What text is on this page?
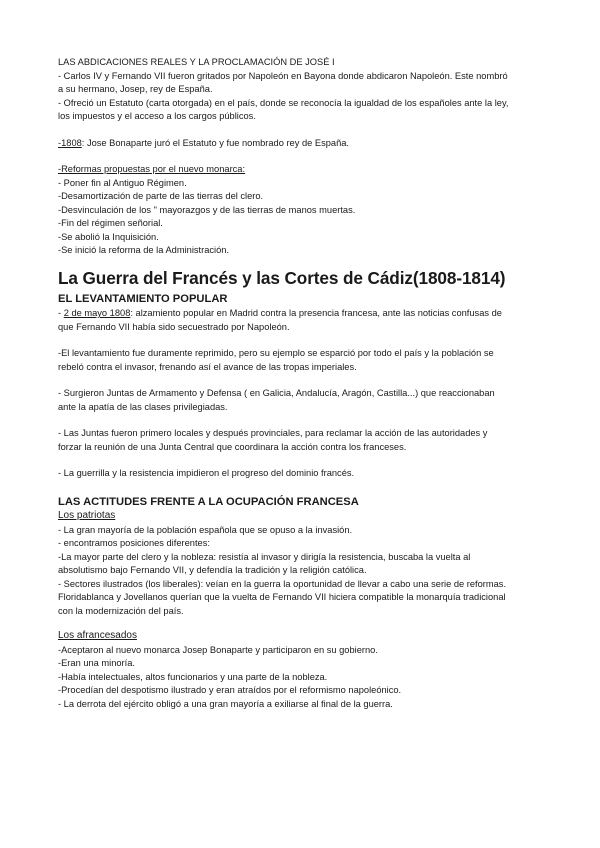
LAS ABDICACIONES REALES Y LA PROCLAMACIÓN DE JOSÉ I
- Carlos IV y Fernando VII fueron gritados por Napoleón en Bayona donde abdicaron Napoleón. Este nombró
a su hermano, Josep, rey de España.
- Ofreció un Estatuto (carta otorgada) en el país, donde se reconocía la igualdad de los españoles ante la ley,
los impuestos y el acceso a los cargos públicos.
-1808: Jose Bonaparte juró el Estatuto y fue nombrado rey de España.
-Reformas propuestas por el nuevo monarca:
- Poner fin al Antiguo Régimen.
-Desamortización de parte de las tierras del clero.
-Desvinculación de los " mayorazgos y de las tierras de manos muertas.
-Fin del régimen señorial.
-Se abolió la Inquisición.
-Se inició la reforma de la Administración.
La Guerra del Francés y las Cortes de Cádiz(1808-1814)
EL LEVANTAMIENTO POPULAR
- 2 de mayo 1808: alzamiento popular en Madrid contra la presencia francesa, ante las noticias confusas de
que Fernando VII había sido secuestrado por Napoleón.
-El levantamiento fue duramente reprimido, pero su ejemplo se esparció por todo el país y la población se
rebeló contra el invasor, frenando así el avance de las tropas imperiales.
- Surgieron Juntas de Armamento y Defensa ( en Galicia, Andalucía, Aragón, Castilla...) que reaccionaban
ante la apatía de las clases privilegiadas.
- Las Juntas fueron primero locales y después provinciales, para reclamar la acción de las autoridades y
forzar la reunión de una Junta Central que coordinara la acción contra los franceses.
- La guerrilla y la resistencia impidieron el progreso del dominio francés.
LAS ACTITUDES FRENTE A LA OCUPACIÓN FRANCESA
Los patriotas
- La gran mayoría de la población española que se opuso a la invasión.
- encontramos posiciones diferentes:
-La mayor parte del clero y la nobleza: resistía al invasor y dirigía la resistencia, buscaba la vuelta al
absolutismo bajo Fernando VII, y defendía la tradición y la religión católica.
- Sectores ilustrados (los liberales): veían en la guerra la oportunidad de llevar a cabo una serie de reformas.
Floridablanca y Jovellanos querían que la vuelta de Fernando VII hiciera compatible la monarquía tradicional
con la modernización del país.
Los afrancesados
-Aceptaron al nuevo monarca Josep Bonaparte y participaron en su gobierno.
-Eran una minoría.
-Había intelectuales, altos funcionarios y una parte de la nobleza.
-Procedían del despotismo ilustrado y eran atraídos por el reformismo napoleónico.
- La derrota del ejército obligó a una gran mayoría a exiliarse al final de la guerra.
